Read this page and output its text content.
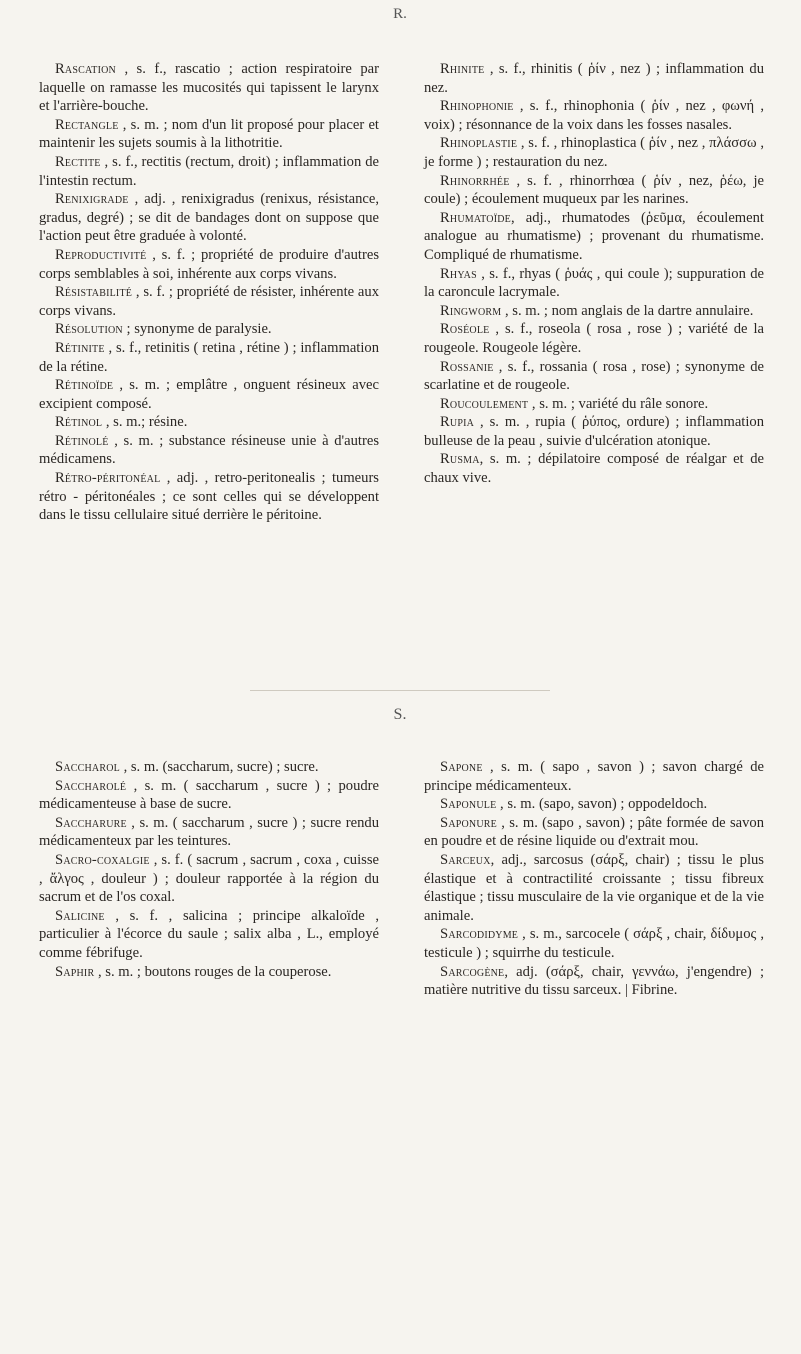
R.

Rascation , s. f., rascatio ; action respiratoire par laquelle on ramasse les mucosités qui tapissent le larynx et l'arrière-bouche.

Rectangle , s. m. ; nom d'un lit proposé pour placer et maintenir les sujets soumis à la lithotritie.

Rectite , s. f., rectitis (rectum, droit) ; inflammation de l'intestin rectum.

Renixigrade , adj. , renixigradus (renixus, résistance, gradus, degré) ; se dit de bandages dont on suppose que l'action peut être graduée à volonté.

Reproductivité , s. f. ; propriété de produire d'autres corps semblables à soi, inhérente aux corps vivans.

Résistabilité , s. f. ; propriété de résister, inhérente aux corps vivans.

Résolution ; synonyme de paralysie.

Rétinite , s. f., retinitis ( retina , rétine ) ; inflammation de la rétine.

Rétinoïde , s. m. ; emplâtre , onguent résineux avec excipient composé.

Rétinol , s. m.; résine.

Rétinolé , s. m. ; substance résineuse unie à d'autres médicamens.

Rétro-péritonéal , adj. , retro-peritonealis ; tumeurs rétro - péritonéales ; ce sont celles qui se développent dans le tissu cellulaire situé derrière le péritoine.

Rhinite , s. f., rhinitis ( ῥίν , nez ) ; inflammation du nez.

Rhinophonie , s. f., rhinophonia ( ῥίν , nez , φωνή , voix) ; résonnance de la voix dans les fosses nasales.

Rhinoplastie , s. f. , rhinoplastica ( ῥίν , nez , πλάσσω , je forme ) ; restauration du nez.

Rhinorrhée , s. f. , rhinorrhœa ( ῥίν , nez, ῥέω, je coule) ; écoulement muqueux par les narines.

Rhumatoïde, adj., rhumatodes (ῥεῦμα, écoulement analogue au rhumatisme) ; provenant du rhumatisme. Compliqué de rhumatisme.

Rhyas , s. f., rhyas ( ῥυάς , qui coule ); suppuration de la caroncule lacrymale.

Ringworm , s. m. ; nom anglais de la dartre annulaire.

Roséole , s. f., roseola ( rosa , rose ) ; variété de la rougeole. Rougeole légère.

Rossanie , s. f., rossania ( rosa , rose) ; synonyme de scarlatine et de rougeole.

Roucoulement , s. m. ; variété du râle sonore.

Rupia , s. m. , rupia ( ῥύπος, ordure) ; inflammation bulleuse de la peau , suivie d'ulcération atonique.

Rusma, s. m. ; dépilatoire composé de réalgar et de chaux vive.

S.

Saccharol , s. m. (saccharum, sucre) ; sucre.

Saccharolé , s. m. ( saccharum , sucre ) ; poudre médicamenteuse à base de sucre.

Saccharure , s. m. ( saccharum , sucre ) ; sucre rendu médicamenteux par les teintures.

Sacro-coxalgie , s. f. ( sacrum , sacrum , coxa , cuisse , ἄλγος , douleur ) ; douleur rapportée à la région du sacrum et de l'os coxal.

Salicine , s. f. , salicina ; principe alkaloïde , particulier à l'écorce du saule ; salix alba , L., employé comme fébrifuge.

Saphir , s. m. ; boutons rouges de la couperose.

Sapone , s. m. ( sapo , savon ) ; savon chargé de principe médicamenteux.

Saponule , s. m. (sapo, savon) ; oppodeldoch.

Saponure , s. m. (sapo , savon) ; pâte formée de savon en poudre et de résine liquide ou d'extrait mou.

Sarceux, adj., sarcosus (σάρξ, chair) ; tissu le plus élastique et à contractilité croissante ; tissu fibreux élastique ; tissu musculaire de la vie organique et de la vie animale.

Sarcodidyme , s. m., sarcocele ( σάρξ , chair, δίδυμος , testicule ) ; squirrhe du testicule.

Sarcogène, adj. (σάρξ, chair, γεννάω, j'engendre) ; matière nutritive du tissu sarceux. | Fibrine.
